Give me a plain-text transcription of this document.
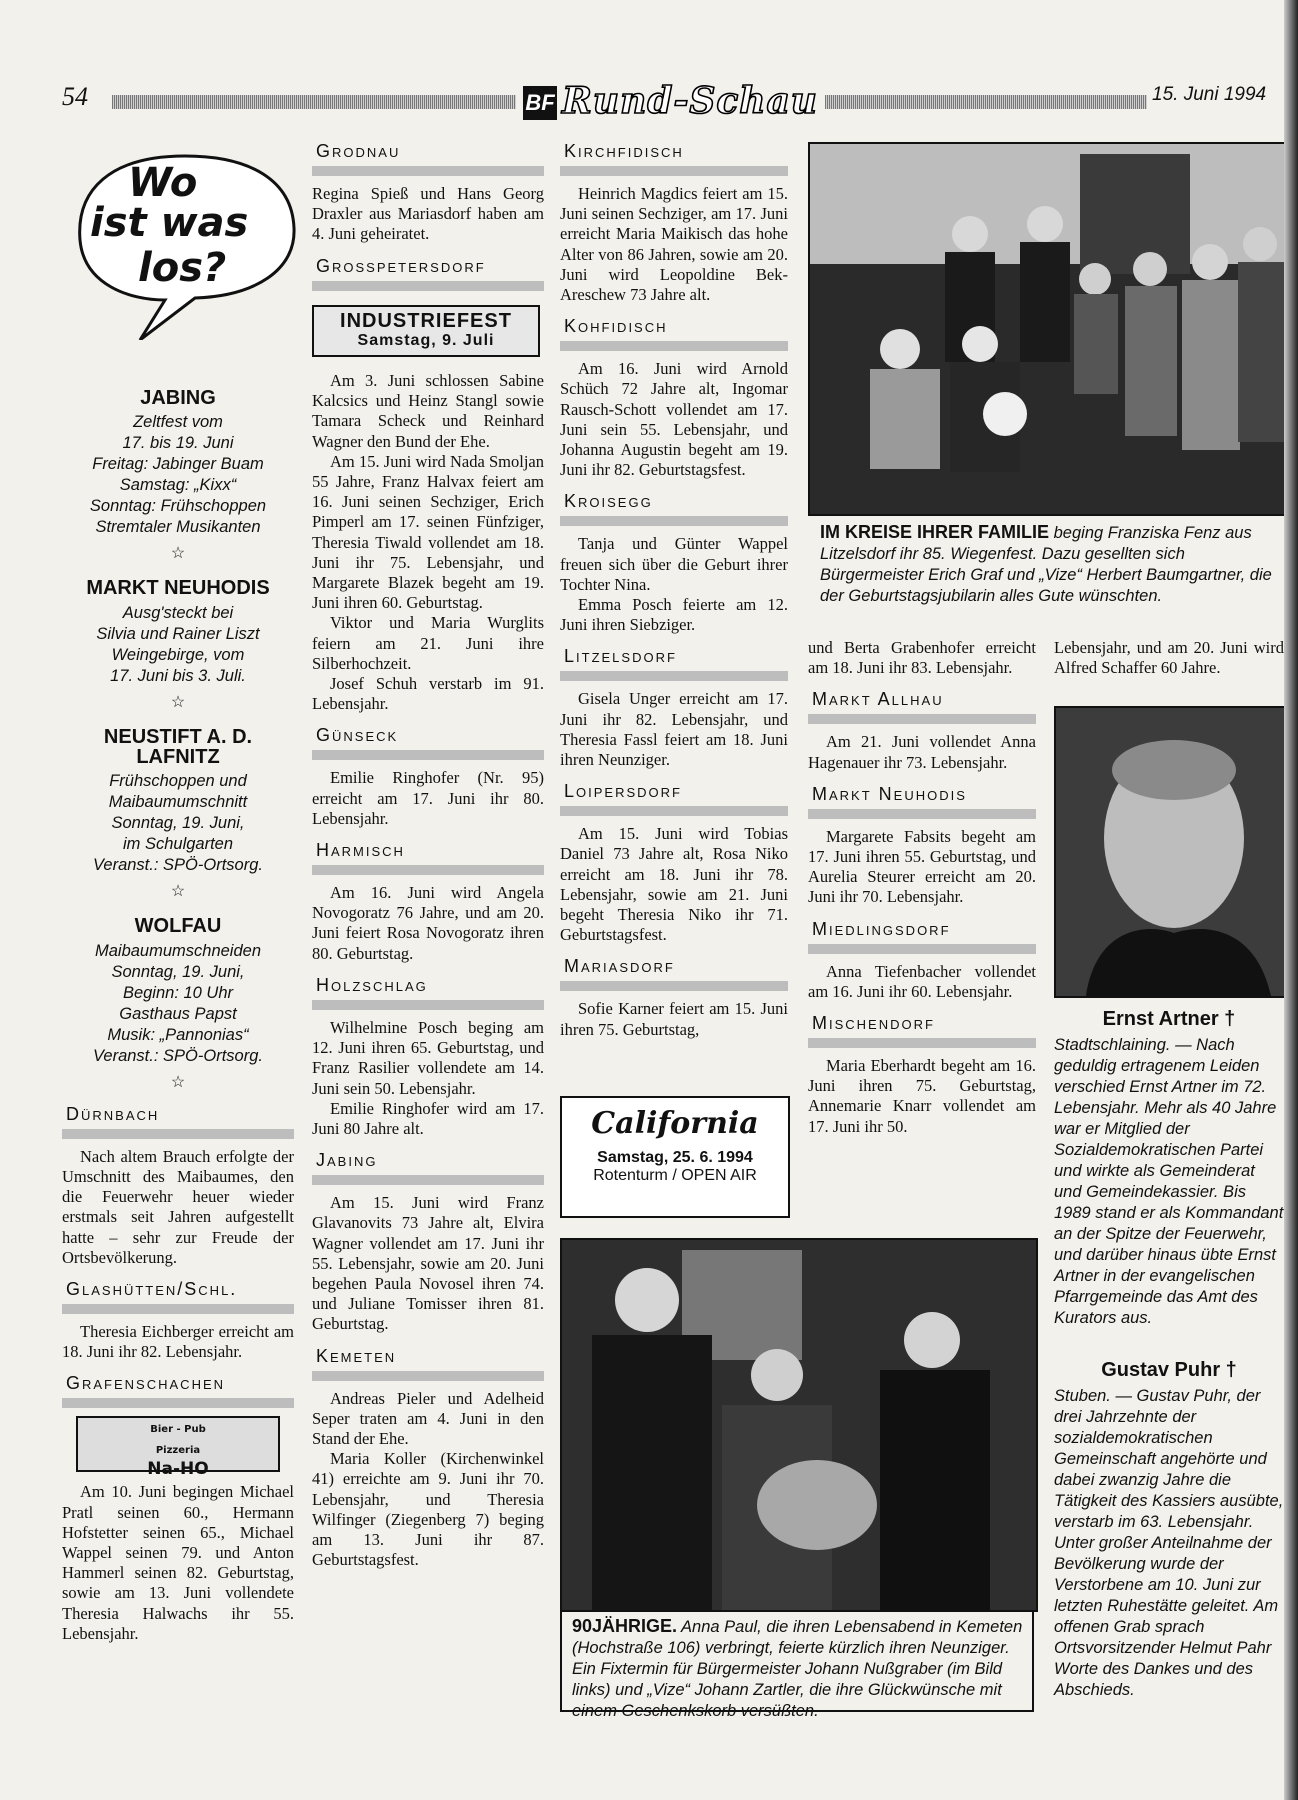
54	BF Rund-Schau	15. Juni 1994
Wo
ist was
los?
JABING
Zeltfest vom
17. bis 19. Juni
Freitag: Jabinger Buam
Samstag: „Kixx“
Sonntag: Frühschoppen
Stremtaler Musikanten
☆
MARKT NEUHODIS
Ausg'steckt bei
Silvia und Rainer Liszt
Weingebirge, vom
17. Juni bis 3. Juli.
☆
NEUSTIFT A. D. LAFNITZ
Frühschoppen und
Maibaumumschnitt
Sonntag, 19. Juni,
im Schulgarten
Veranst.: SPÖ-Ortsorg.
☆
WOLFAU
Maibaumumschneiden
Sonntag, 19. Juni,
Beginn: 10 Uhr
Gasthaus Papst
Musik: „Pannonias“
Veranst.: SPÖ-Ortsorg.
☆
Dürnbach

Nach altem Brauch erfolgte der Umschnitt des Maibaumes, den die Feuerwehr heuer wieder erstmals seit Jahren aufgestellt hatte – sehr zur Freude der Ortsbevölkerung.

Glashütten/Schl.

Theresia Eichberger erreicht am 18. Juni ihr 82. Lebensjahr.

Grafenschachen
Bier - Pub
Pizzeria
Na-HO

Am 10. Juni begingen Michael Pratl seinen 60., Hermann Hofstetter seinen 65., Michael Wappel seinen 79. und Anton Hammerl seinen 82. Geburtstag, sowie am 13. Juni vollendete Theresia Halwachs ihr 55. Lebensjahr.

Grodnau

Regina Spieß und Hans Georg Draxler aus Mariasdorf haben am 4. Juni geheiratet.

Grosspetersdorf
INDUSTRIEFEST
Samstag, 9. Juli

Am 3. Juni schlossen Sabine Kalcsics und Heinz Stangl sowie Tamara Scheck und Reinhard Wagner den Bund der Ehe.

Am 15. Juni wird Nada Smoljan 55 Jahre, Franz Halvax feiert am 16. Juni seinen Sechziger, Erich Pimperl am 17. seinen Fünfziger, Theresia Tiwald vollendet am 18. Juni ihr 75. Lebensjahr, und Margarete Blazek begeht am 19. Juni ihren 60. Geburtstag.

Viktor und Maria Wurglits feiern am 21. Juni ihre Silberhochzeit.

Josef Schuh verstarb im 91. Lebensjahr.

Günseck

Emilie Ringhofer (Nr. 95) erreicht am 17. Juni ihr 80. Lebensjahr.

Harmisch

Am 16. Juni wird Angela Novogoratz 76 Jahre, und am 20. Juni feiert Rosa Novogoratz ihren 80. Geburtstag.

Holzschlag

Wilhelmine Posch beging am 12. Juni ihren 65. Geburtstag, und Franz Rasilier vollendete am 14. Juni sein 50. Lebensjahr.

Emilie Ringhofer wird am 17. Juni 80 Jahre alt.

Jabing

Am 15. Juni wird Franz Glavanovits 73 Jahre alt, Elvira Wagner vollendet am 17. Juni ihr 55. Lebensjahr, sowie am 20. Juni begehen Paula Novosel ihren 74. und Juliane Tomisser ihren 81. Geburtstag.

Kemeten

Andreas Pieler und Adelheid Seper traten am 4. Juni in den Stand der Ehe.

Maria Koller (Kirchenwinkel 41) erreichte am 9. Juni ihr 70. Lebensjahr, und Theresia Wilfinger (Ziegenberg 7) beging am 13. Juni ihr 87. Geburtstagsfest.

Kirchfidisch

Heinrich Magdics feiert am 15. Juni seinen Sechziger, am 17. Juni erreicht Maria Maikisch das hohe Alter von 86 Jahren, sowie am 20. Juni wird Leopoldine Bek-Areschew 73 Jahre alt.

Kohfidisch

Am 16. Juni wird Arnold Schüch 72 Jahre alt, Ingomar Rausch-Schott vollendet am 17. Juni sein 55. Lebensjahr, und Johanna Augustin begeht am 19. Juni ihr 82. Geburtstagsfest.

Kroisegg

Tanja und Günter Wappel freuen sich über die Geburt ihrer Tochter Nina.

Emma Posch feierte am 12. Juni ihren Siebziger.

Litzelsdorf

Gisela Unger erreicht am 17. Juni ihr 82. Lebensjahr, und Theresia Fassl feiert am 18. Juni ihren Neunziger.

Loipersdorf

Am 15. Juni wird Tobias Daniel 73 Jahre alt, Rosa Niko erreicht am 18. Juni ihr 78. Lebensjahr, sowie am 21. Juni begeht Theresia Niko ihr 71. Geburtstagsfest.

Mariasdorf

Sofie Karner feiert am 15. Juni ihren 75. Geburtstag,

California
Samstag, 25. 6. 1994
Rotenturm / OPEN AIR
IM KREISE IHRER FAMILIE beging Franziska Fenz aus Litzelsdorf ihr 85. Wiegenfest. Dazu gesellten sich Bürgermeister Erich Graf und „Vize“ Herbert Baumgartner, die der Geburtstagsjubilarin alles Gute wünschten.

und Berta Grabenhofer erreicht am 18. Juni ihr 83. Lebensjahr.

Markt Allhau

Am 21. Juni vollendet Anna Hagenauer ihr 73. Lebensjahr.

Markt Neuhodis

Margarete Fabsits begeht am 17. Juni ihren 55. Geburtstag, und Aurelia Steurer erreicht am 20. Juni ihr 70. Lebensjahr.

Miedlingsdorf

Anna Tiefenbacher vollendet am 16. Juni ihr 60. Lebensjahr.

Mischendorf

Maria Eberhardt begeht am 16. Juni ihren 75. Geburtstag, Annemarie Knarr vollendet am 17. Juni ihr 50.

Lebensjahr, und am 20. Juni wird Alfred Schaffer 60 Jahre.

Ernst Artner †
Stadtschlaining. — Nach geduldig ertragenem Leiden verschied Ernst Artner im 72. Lebensjahr. Mehr als 40 Jahre war er Mitglied der Sozialdemokratischen Partei und wirkte als Gemeinderat und Gemeindekassier. Bis 1989 stand er als Kommandant an der Spitze der Feuerwehr, und darüber hinaus übte Ernst Artner in der evangelischen Pfarrgemeinde das Amt des Kurators aus.
Gustav Puhr †
Stuben. — Gustav Puhr, der drei Jahrzehnte der sozialdemokratischen Gemeinschaft angehörte und dabei zwanzig Jahre die Tätigkeit des Kassiers ausübte, verstarb im 63. Lebensjahr. Unter großer Anteilnahme der Bevölkerung wurde der Verstorbene am 10. Juni zur letzten Ruhestätte geleitet. Am offenen Grab sprach Ortsvorsitzender Helmut Pahr Worte des Dankes und des Abschieds.
90JÄHRIGE. Anna Paul, die ihren Lebensabend in Kemeten (Hochstraße 106) verbringt, feierte kürzlich ihren Neunziger. Ein Fixtermin für Bürgermeister Johann Nußgraber (im Bild links) und „Vize“ Johann Zartler, die ihre Glückwünsche mit einem Geschenkskorb versüßten.
